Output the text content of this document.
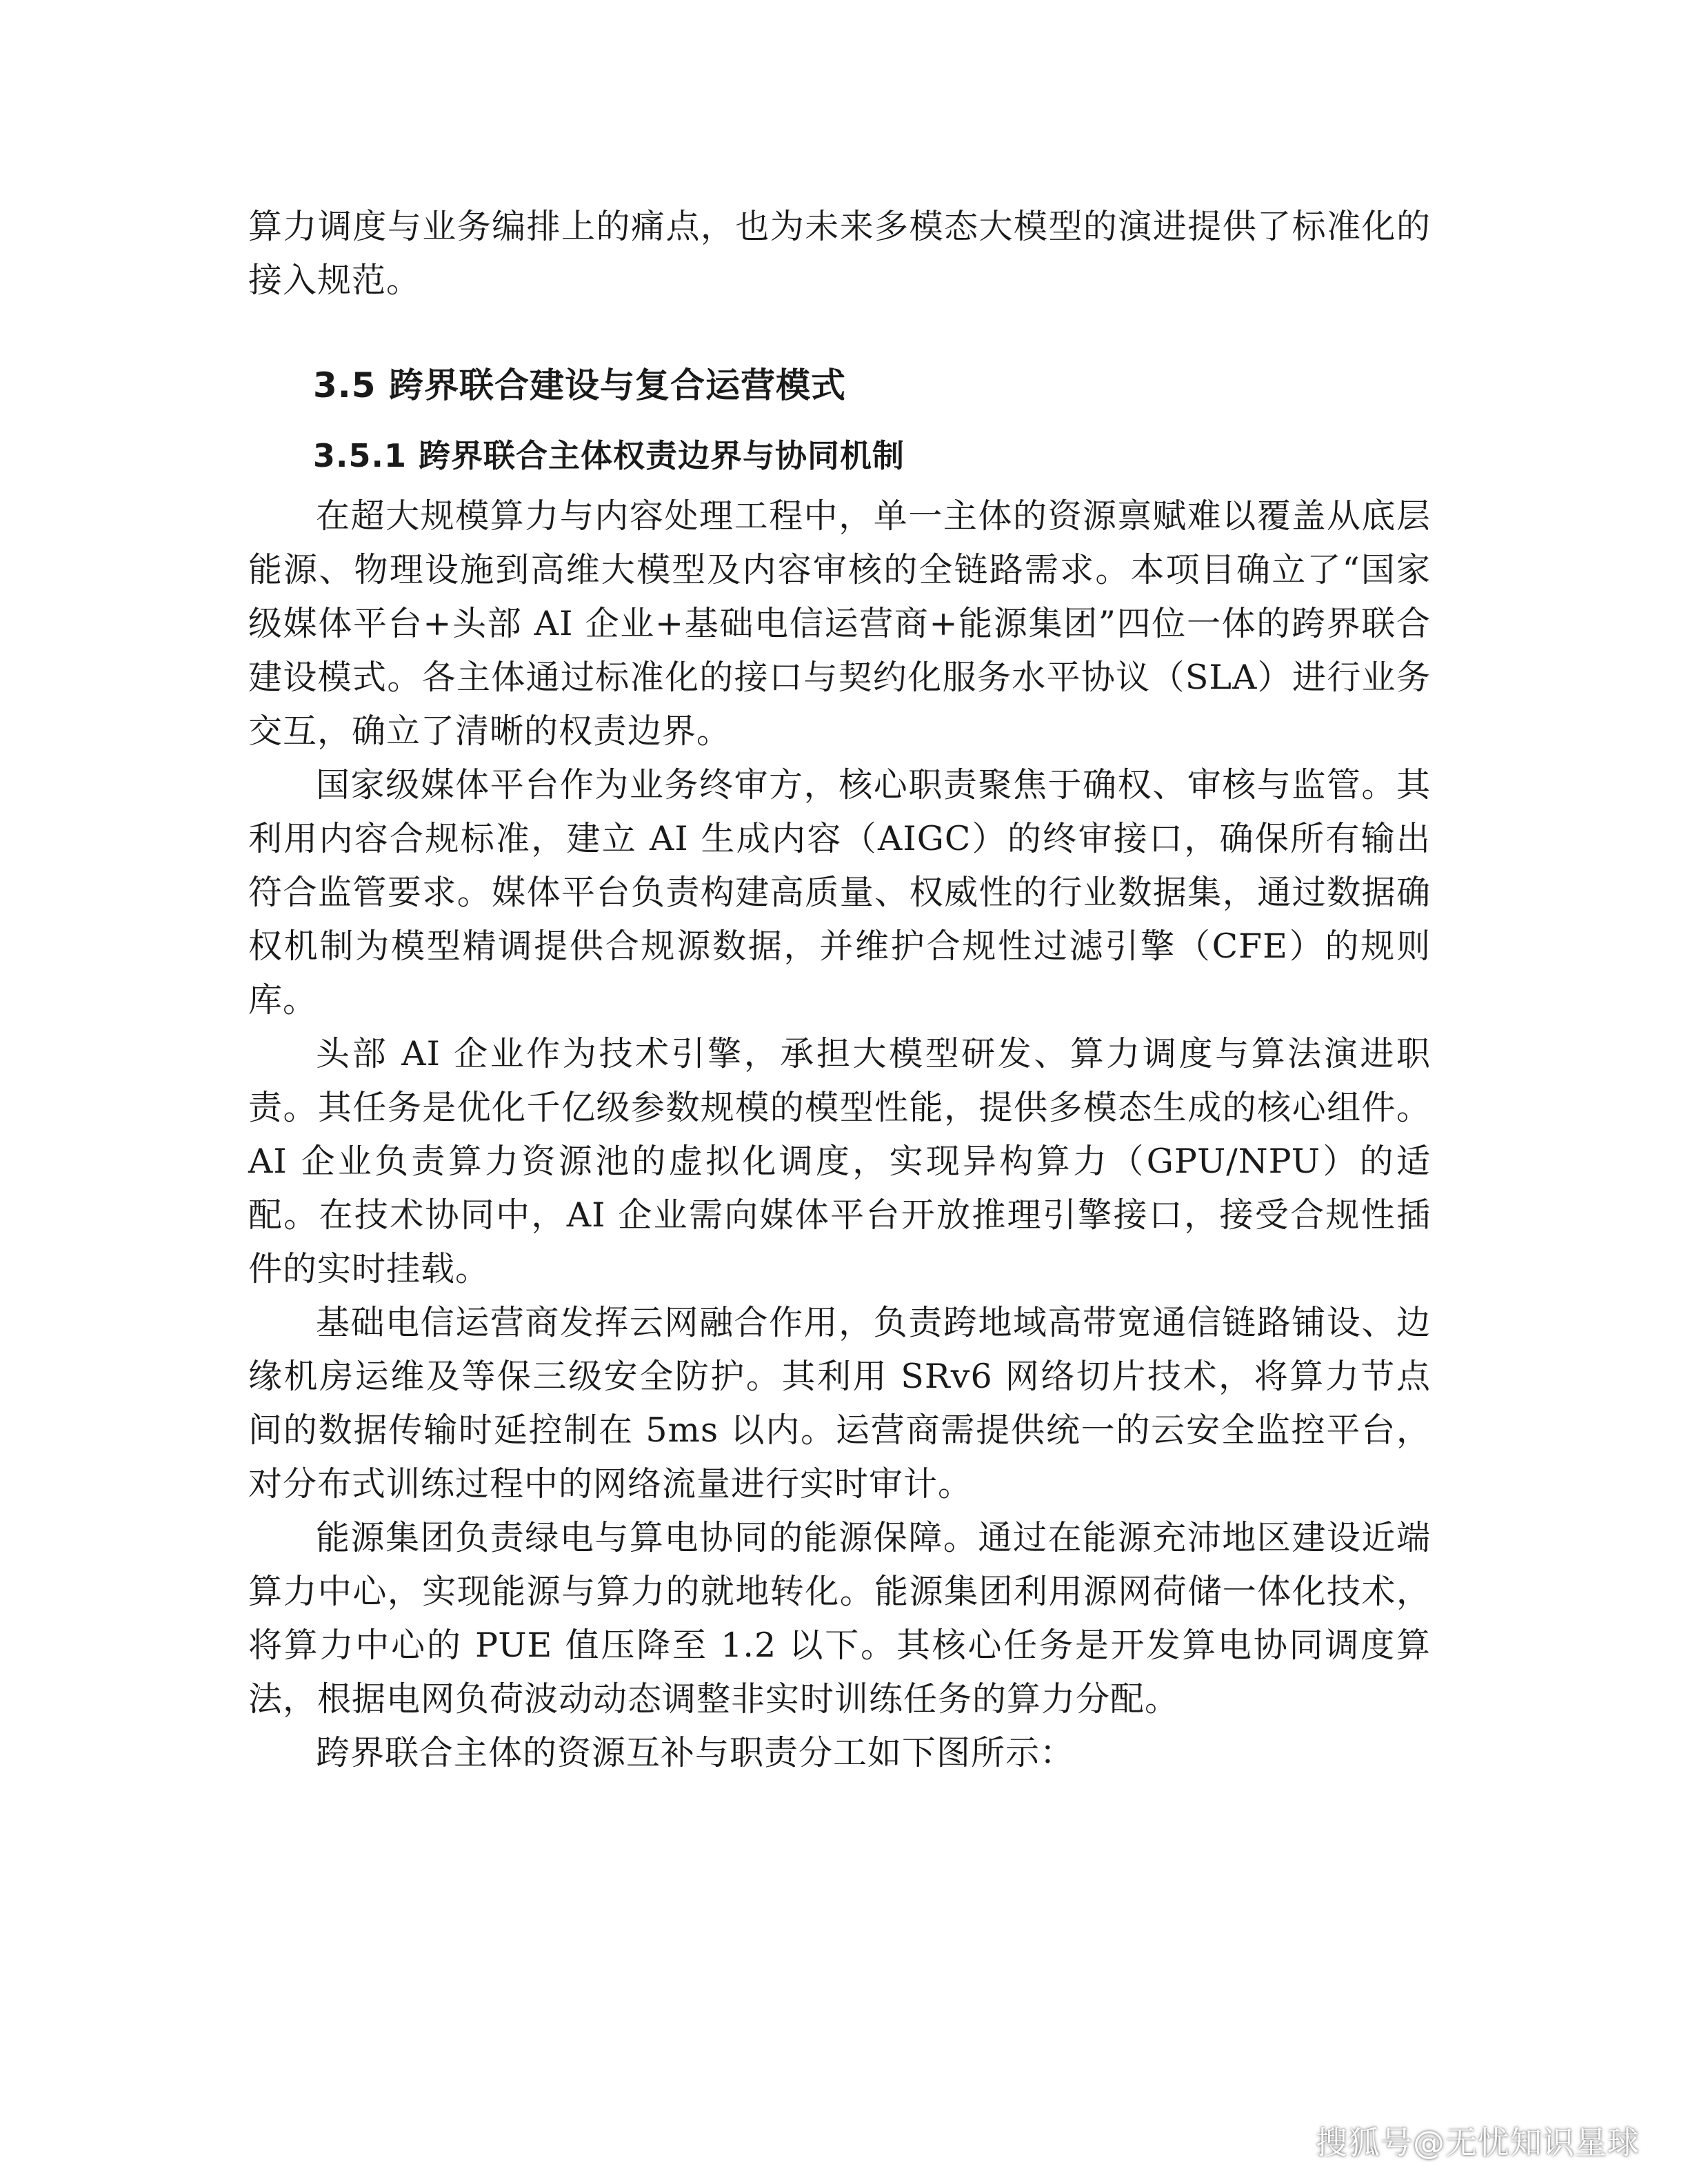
算力调度与业务编排上的痛点，也为未来多模态大模型的演进提供了标准化的接入规范。

3.5 跨界联合建设与复合运营模式
3.5.1 跨界联合主体权责边界与协同机制

在超大规模算力与内容处理工程中，单一主体的资源禀赋难以覆盖从底层能源、物理设施到高维大模型及内容审核的全链路需求。本项目确立了“国家级媒体平台+头部 AI 企业+基础电信运营商+能源集团”四位一体的跨界联合建设模式。各主体通过标准化的接口与契约化服务水平协议（SLA）进行业务交互，确立了清晰的权责边界。

国家级媒体平台作为业务终审方，核心职责聚焦于确权、审核与监管。其利用内容合规标准，建立 AI 生成内容（AIGC）的终审接口，确保所有输出符合监管要求。媒体平台负责构建高质量、权威性的行业数据集，通过数据确权机制为模型精调提供合规源数据，并维护合规性过滤引擎（CFE）的规则库。

头部 AI 企业作为技术引擎，承担大模型研发、算力调度与算法演进职责。其任务是优化千亿级参数规模的模型性能，提供多模态生成的核心组件。AI 企业负责算力资源池的虚拟化调度，实现异构算力（GPU/NPU）的适配。在技术协同中，AI 企业需向媒体平台开放推理引擎接口，接受合规性插件的实时挂载。

基础电信运营商发挥云网融合作用，负责跨地域高带宽通信链路铺设、边缘机房运维及等保三级安全防护。其利用 SRv6 网络切片技术，将算力节点间的数据传输时延控制在 5ms 以内。运营商需提供统一的云安全监控平台，对分布式训练过程中的网络流量进行实时审计。

能源集团负责绿电与算电协同的能源保障。通过在能源充沛地区建设近端算力中心，实现能源与算力的就地转化。能源集团利用源网荷储一体化技术，将算力中心的 PUE 值压降至 1.2 以下。其核心任务是开发算电协同调度算法，根据电网负荷波动动态调整非实时训练任务的算力分配。

跨界联合主体的资源互补与职责分工如下图所示：

搜狐号@无忧知识星球
